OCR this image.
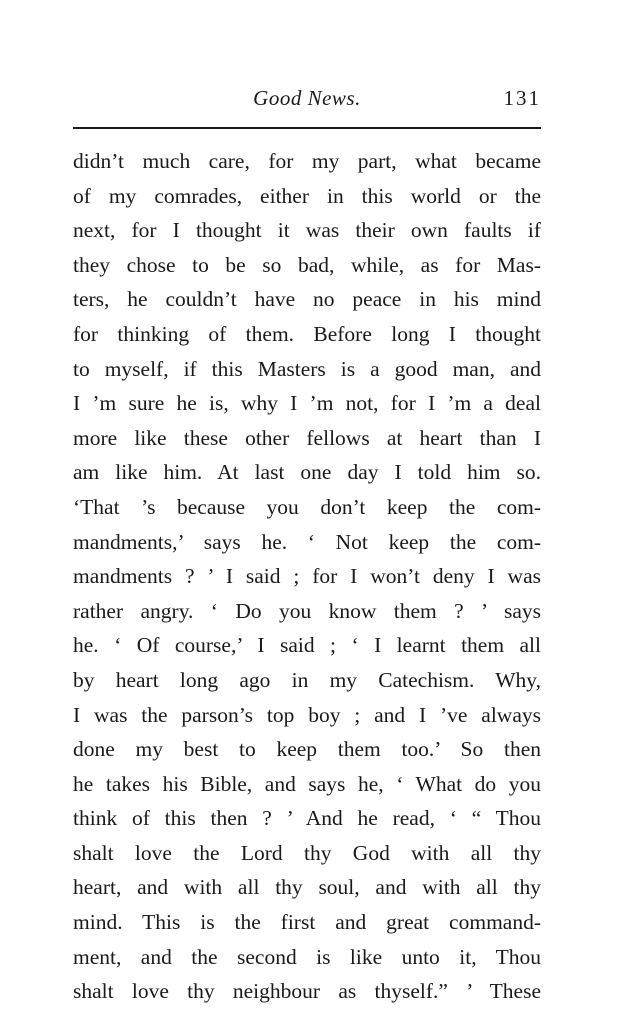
Good News.	131
didn’t much care, for my part, what became
of my comrades, either in this world or the
next, for I thought it was their own faults if
they chose to be so bad, while, as for Mas-
ters, he couldn’t have no peace in his mind
for thinking of them. Before long I thought
to myself, if this Masters is a good man, and
I ’m sure he is, why I ’m not, for I ’m a deal
more like these other fellows at heart than I
am like him. At last one day I told him so.
‘That ’s because you don’t keep the com-
mandments,’ says he. ‘ Not keep the com-
mandments ? ’ I said ; for I won’t deny I was
rather angry. ‘ Do you know them ? ’ says
he. ‘ Of course,’ I said ; ‘ I learnt them all
by heart long ago in my Catechism. Why,
I was the parson’s top boy ; and I ’ve always
done my best to keep them too.’ So then
he takes his Bible, and says he, ‘ What do you
think of this then ? ’ And he read, ‘ “ Thou
shalt love the Lord thy God with all thy
heart, and with all thy soul, and with all thy
mind. This is the first and great command-
ment, and the second is like unto it, Thou
shalt love thy neighbour as thyself.” ’ These
